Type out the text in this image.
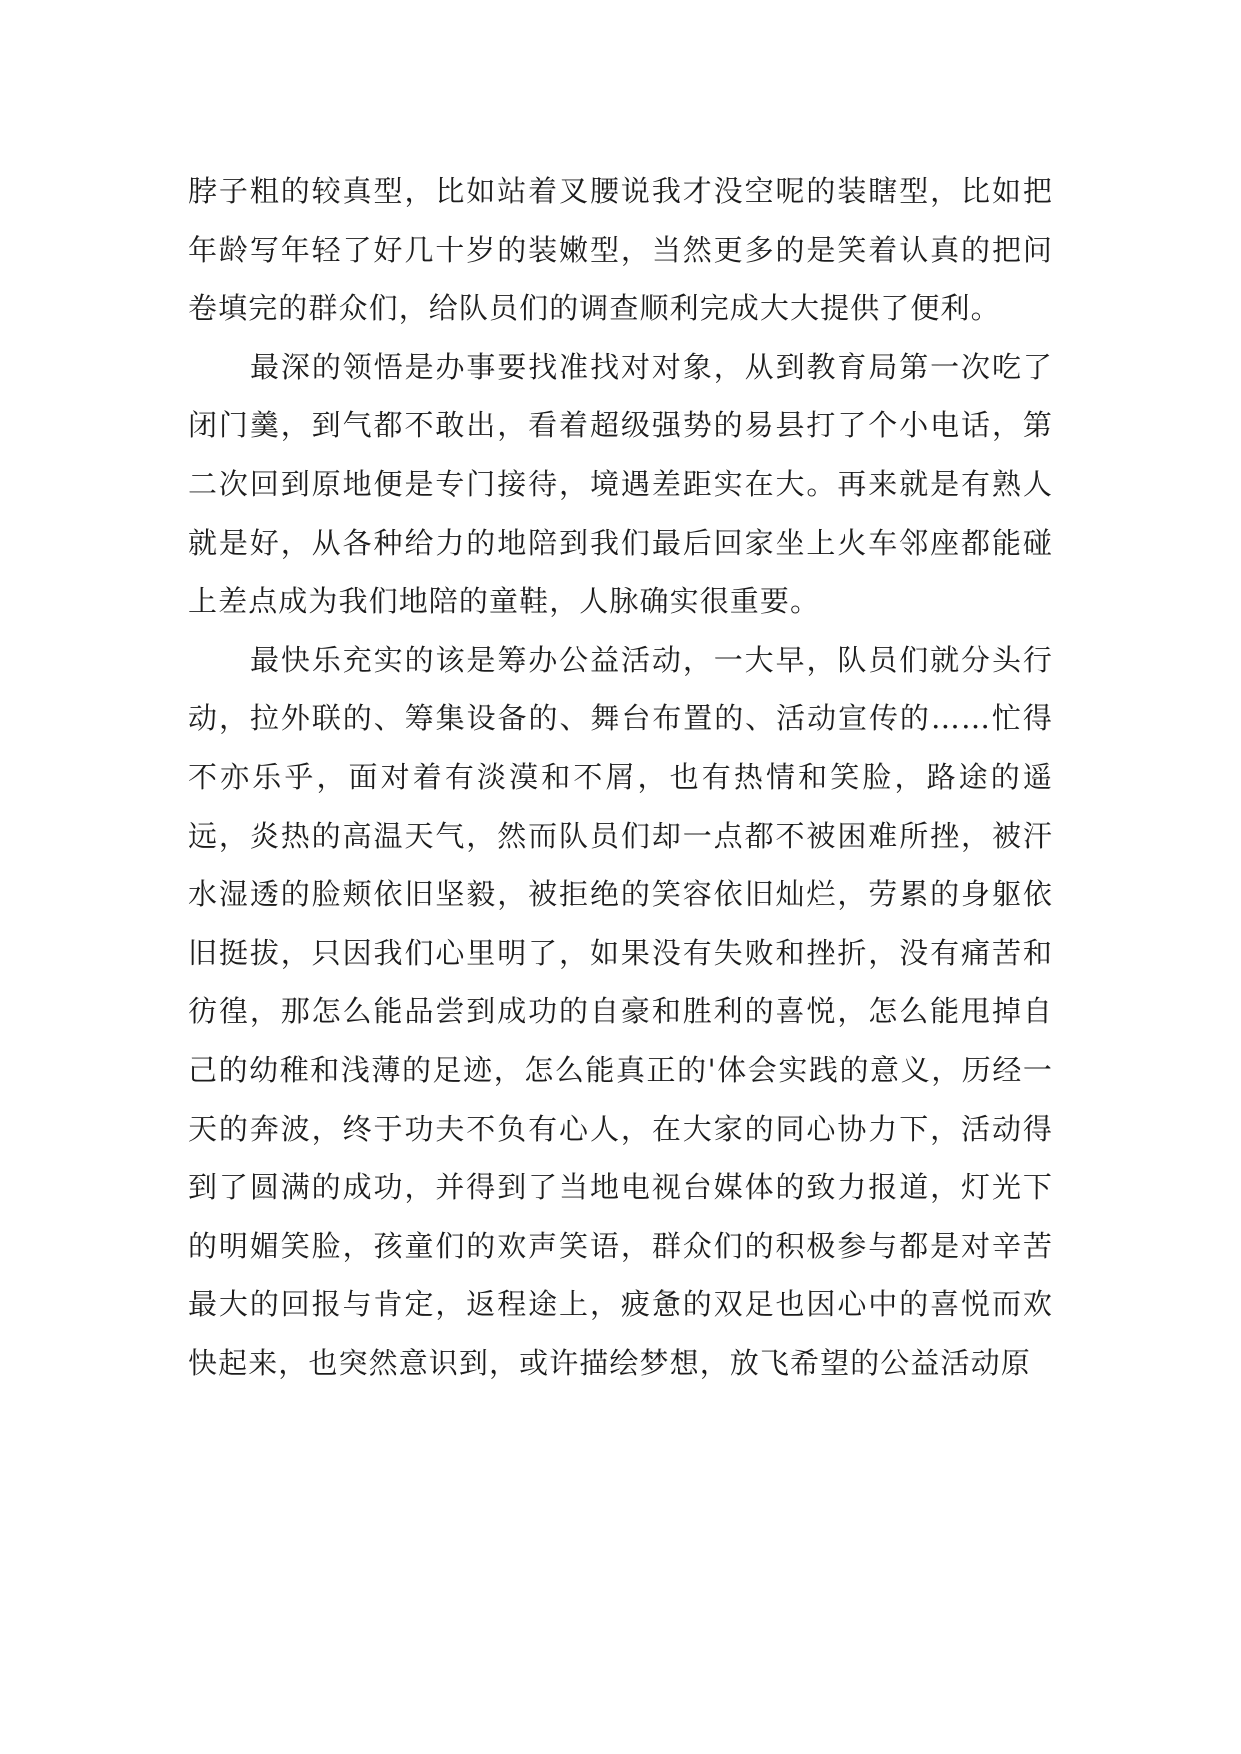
脖子粗的较真型，比如站着叉腰说我才没空呢的装瞎型，比如把年龄写年轻了好几十岁的装嫩型，当然更多的是笑着认真的把问卷填完的群众们，给队员们的调查顺利完成大大提供了便利。

最深的领悟是办事要找准找对对象，从到教育局第一次吃了闭门羹，到气都不敢出，看着超级强势的易县打了个小电话，第二次回到原地便是专门接待，境遇差距实在大。再来就是有熟人就是好，从各种给力的地陪到我们最后回家坐上火车邻座都能碰上差点成为我们地陪的童鞋，人脉确实很重要。

最快乐充实的该是筹办公益活动，一大早，队员们就分头行动，拉外联的、筹集设备的、舞台布置的、活动宣传的……忙得不亦乐乎，面对着有淡漠和不屑，也有热情和笑脸，路途的遥远，炎热的高温天气，然而队员们却一点都不被困难所挫，被汗水湿透的脸颊依旧坚毅，被拒绝的笑容依旧灿烂，劳累的身躯依旧挺拔，只因我们心里明了，如果没有失败和挫折，没有痛苦和彷徨，那怎么能品尝到成功的自豪和胜利的喜悦，怎么能甩掉自己的幼稚和浅薄的足迹，怎么能真正的'体会实践的意义，历经一天的奔波，终于功夫不负有心人，在大家的同心协力下，活动得到了圆满的成功，并得到了当地电视台媒体的致力报道，灯光下的明媚笑脸，孩童们的欢声笑语，群众们的积极参与都是对辛苦最大的回报与肯定，返程途上，疲惫的双足也因心中的喜悦而欢快起来，也突然意识到，或许描绘梦想，放飞希望的公益活动原
